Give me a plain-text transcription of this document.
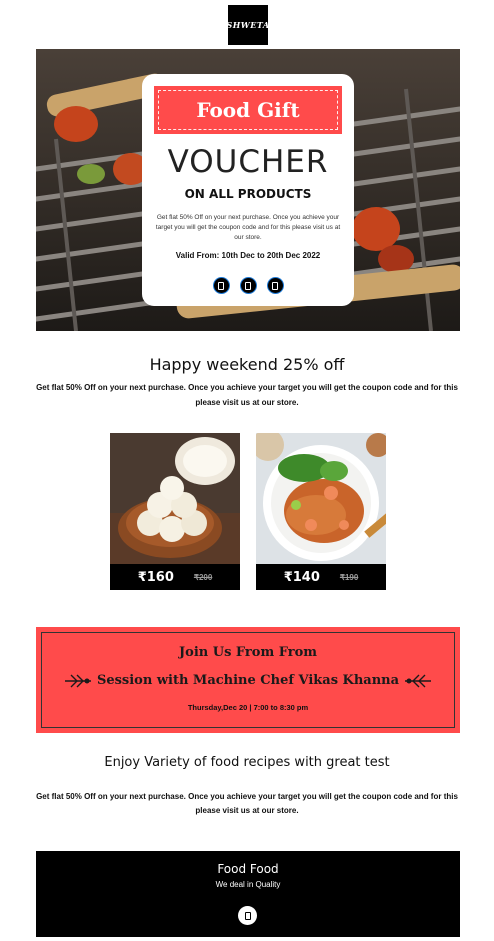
SHWETA
Food Gift
VOUCHER
ON ALL PRODUCTS
Get flat 50% Off on your next purchase. Once you achieve your target you will get the coupon code and for this please visit us at our store.
Valid From: 10th Dec to 20th Dec 2022
Happy weekend 25% off
Get flat 50% Off on your next purchase. Once you achieve your target you will get the coupon code and for this please visit us at our store.
₹160	₹200	₹140	₹190
Join Us From From
Session with Machine Chef Vikas Khanna
Thursday,Dec 20 | 7:00 to 8:30 pm
Enjoy Variety of food recipes with great test
Get flat 50% Off on your next purchase. Once you achieve your target you will get the coupon code and for this please visit us at our store.
Food Food
We deal in Quality
